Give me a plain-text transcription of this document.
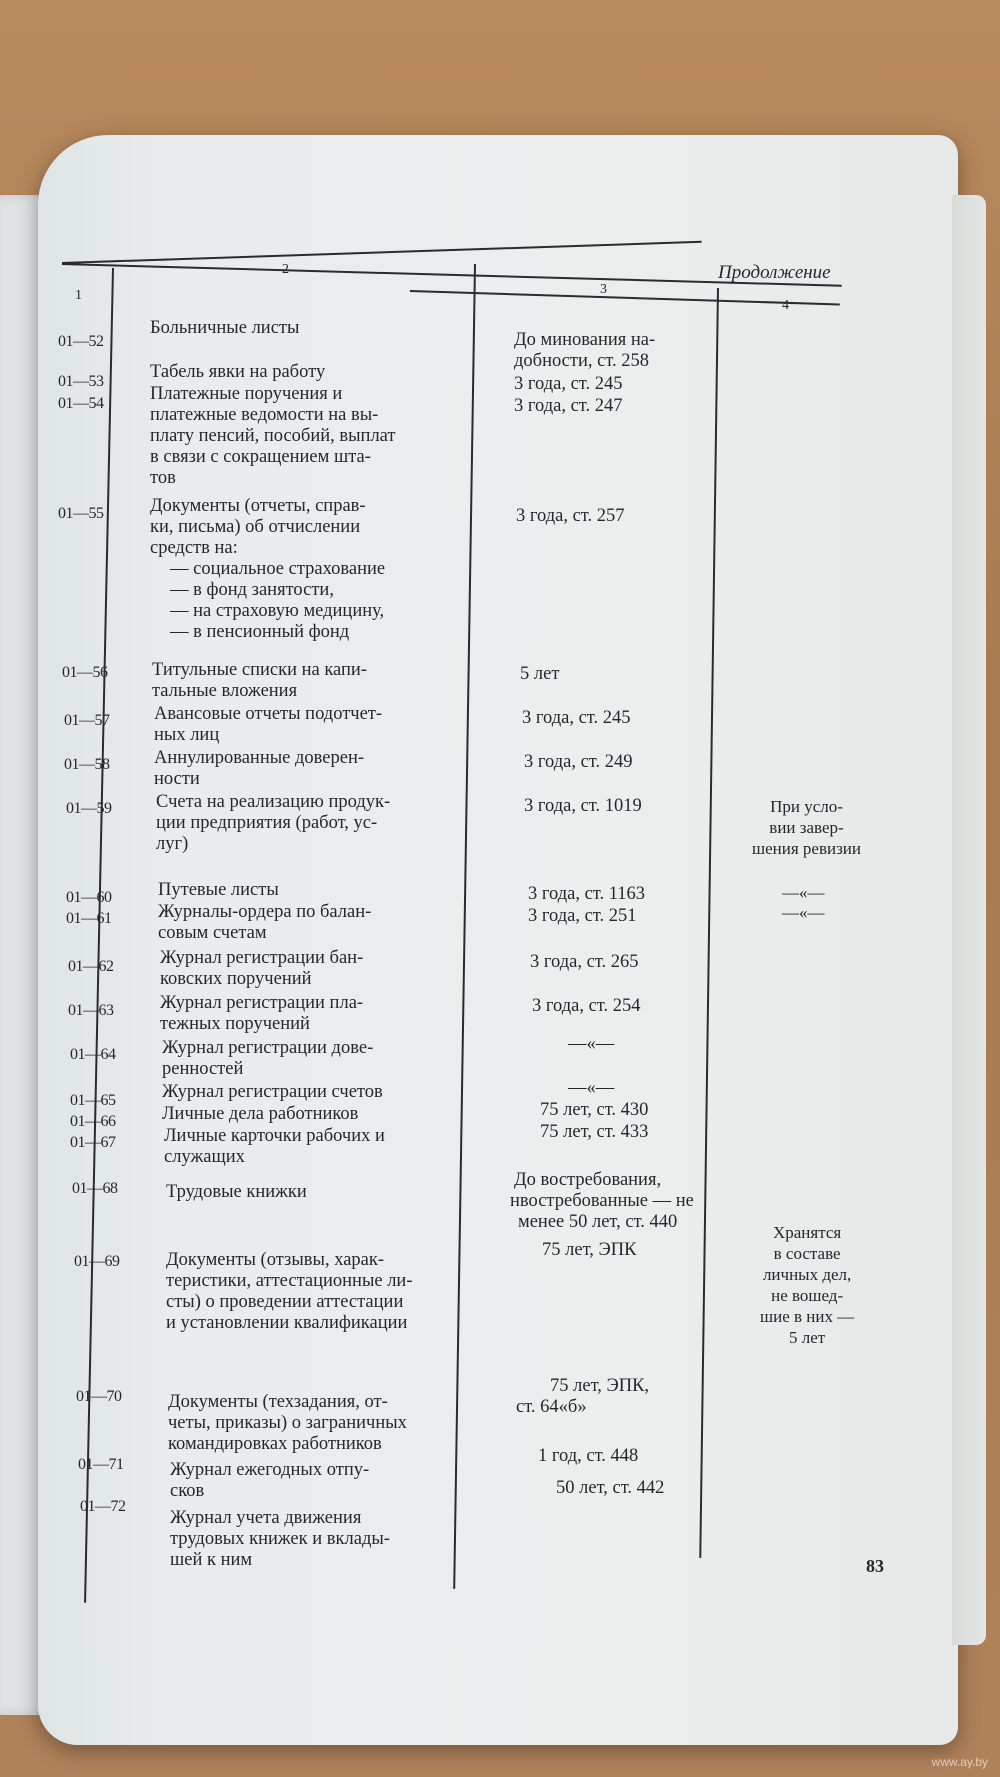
Продолжение
1
2
3
4
01—52
01—53
01—54
01—55
01—56
01—57
01—58
01—59
01—60
01—61
01—62
01—63
01—64
01—65
01—66
01—67
01—68
01—69
01—70
01—71
01—72
Больничные листы
Табель явки на работу
Платежные поручения и
платежные ведомости на вы-
плату пенсий, пособий, выплат
в связи с сокращением шта-
тов
Документы (отчеты, справ-
ки, письма) об отчислении
средств на:
— социальное страхование
— в фонд занятости,
— на страховую медицину,
— в пенсионный фонд
Титульные списки на капи-
тальные вложения
Авансовые отчеты подотчет-
ных лиц
Аннулированные доверен-
ности
Счета на реализацию продук-
ции предприятия (работ, ус-
луг)
Путевые листы
Журналы-ордера по балан-
совым счетам
Журнал регистрации бан-
ковских поручений
Журнал регистрации пла-
тежных поручений
Журнал регистрации дове-
ренностей
Журнал регистрации счетов
Личные дела работников
Личные карточки рабочих и
служащих
Трудовые книжки
Документы (отзывы, харак-
теристики, аттестационные ли-
сты) о проведении аттестации
и установлении квалификации
Документы (техзадания, от-
четы, приказы) о заграничных
командировках работников
Журнал ежегодных отпу-
сков
Журнал учета движения
трудовых книжек и вклады-
шей к ним
До минования на-
добности, ст. 258
3 года, ст. 245
3 года, ст. 247
3 года, ст. 257
5 лет
3 года, ст. 245
3 года, ст. 249
3 года, ст. 1019
3 года, ст. 1163
3 года, ст. 251
3 года, ст. 265
3 года, ст. 254
—«—
—«—
75 лет, ст. 430
75 лет, ст. 433
До востребования,
нвостребованные — не
менее 50 лет, ст. 440
75 лет, ЭПК
75 лет, ЭПК,
ст. 64«б»
1 год, ст. 448
50 лет, ст. 442
При усло-
вии завер-
шения ревизии
—«—
—«—
Хранятся
в составе
личных дел,
не вошед-
шие в них —
5 лет
83
www.ay.by
